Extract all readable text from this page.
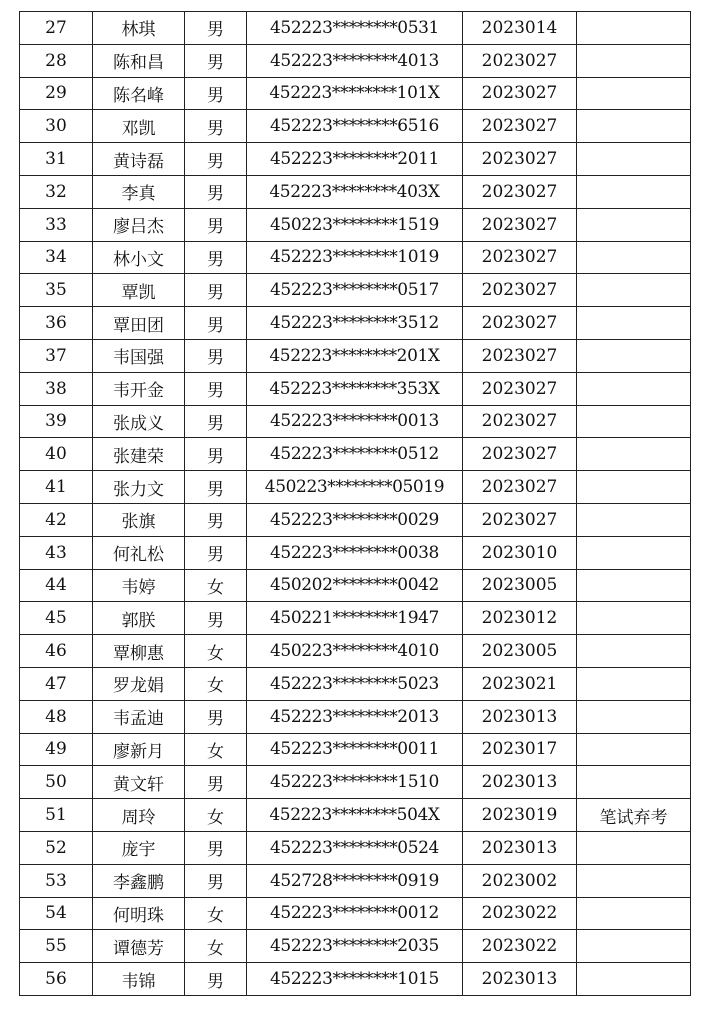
27	林琪	男	452223********0531	2023014	
28	陈和昌	男	452223********4013	2023027	
29	陈名峰	男	452223********101X	2023027	
30	邓凯	男	452223********6516	2023027	
31	黄诗磊	男	452223********2011	2023027	
32	李真	男	452223********403X	2023027	
33	廖吕杰	男	450223********1519	2023027	
34	林小文	男	452223********1019	2023027	
35	覃凯	男	452223********0517	2023027	
36	覃田团	男	452223********3512	2023027	
37	韦国强	男	452223********201X	2023027	
38	韦开金	男	452223********353X	2023027	
39	张成义	男	452223********0013	2023027	
40	张建荣	男	452223********0512	2023027	
41	张力文	男	450223********05019	2023027	
42	张旗	男	452223********0029	2023027	
43	何礼松	男	452223********0038	2023010	
44	韦婷	女	450202********0042	2023005	
45	郭朕	男	450221********1947	2023012	
46	覃柳惠	女	450223********4010	2023005	
47	罗龙娟	女	452223********5023	2023021	
48	韦孟迪	男	452223********2013	2023013	
49	廖新月	女	452223********0011	2023017	
50	黄文轩	男	452223********1510	2023013	
51	周玲	女	452223********504X	2023019	笔试弃考
52	庞宇	男	452223********0524	2023013	
53	李鑫鹏	男	452728********0919	2023002	
54	何明珠	女	452223********0012	2023022	
55	谭德芳	女	452223********2035	2023022	
56	韦锦	男	452223********1015	2023013	
